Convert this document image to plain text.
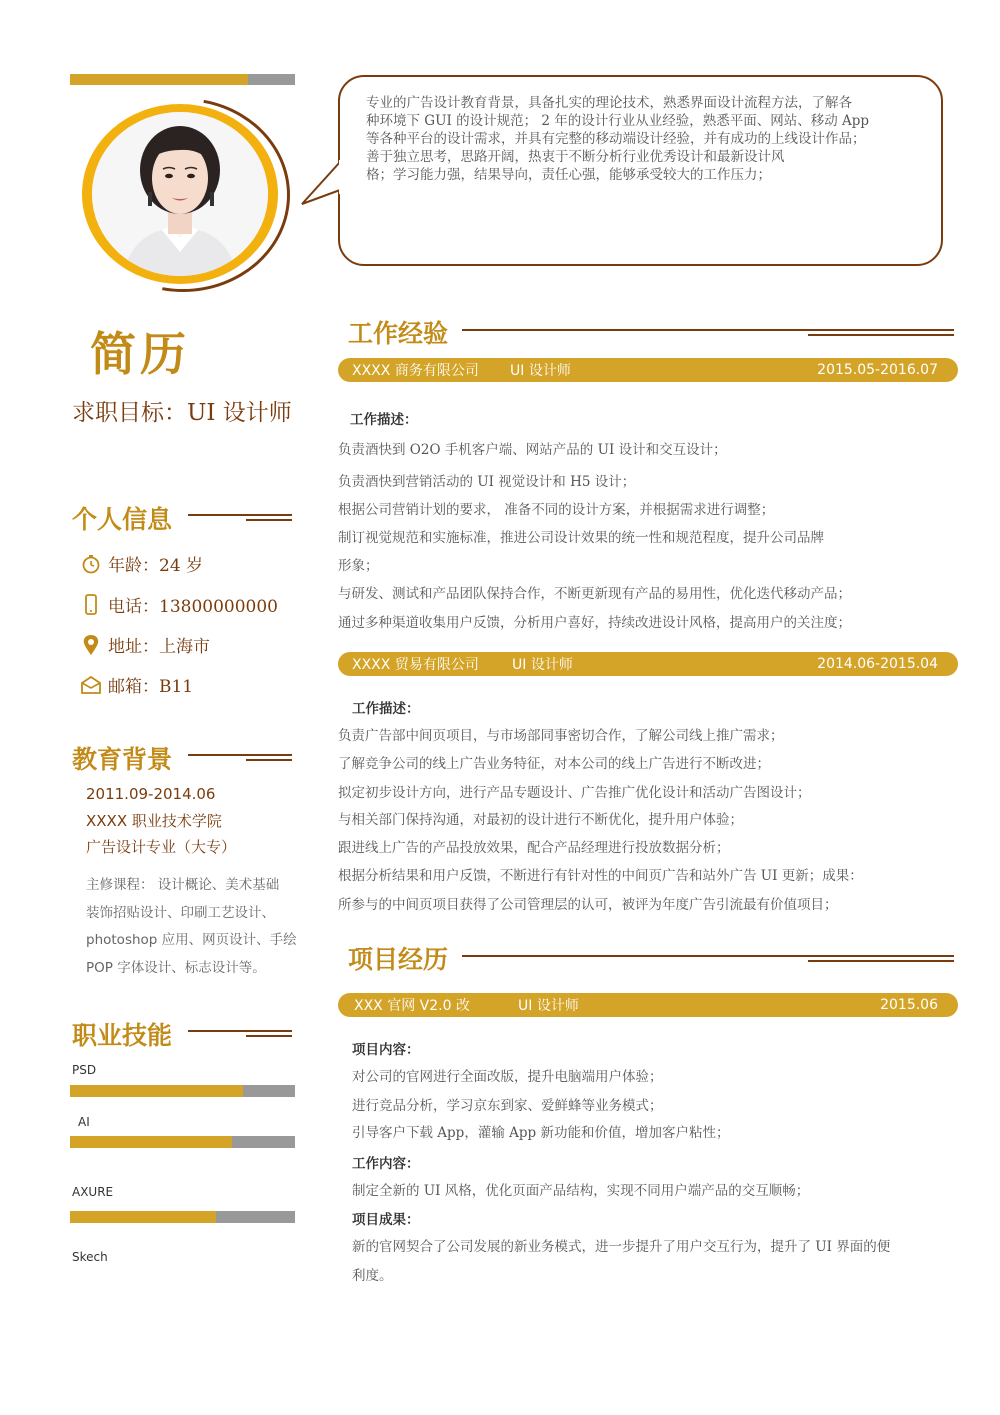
简历
求职目标：UI 设计师
个人信息
年龄：24 岁
电话：13800000000
地址：上海市
邮箱：B11
教育背景
2011.09-2014.06
XXXX 职业技术学院
广告设计专业（大专）
主修课程： 设计概论、美术基础
装饰招贴设计、印刷工艺设计、
photoshop 应用、网页设计、手绘
POP 字体设计、标志设计等。
职业技能
PSD
AI
AXURE
Skech
专业的广告设计教育背景，具备扎实的理论技术，熟悉界面设计流程方法，了解各
种环境下 GUI 的设计规范； 2 年的设计行业从业经验，熟悉平面、网站、移动 App
等各种平台的设计需求，并具有完整的移动端设计经验，并有成功的上线设计作品；
善于独立思考，思路开阔，热衷于不断分析行业优秀设计和最新设计风
格；学习能力强，结果导向，责任心强，能够承受较大的工作压力；
工作经验
XXXX 商务有限公司 UI 设计师	2015.05-2016.07
工作描述：
负责酒快到 O2O 手机客户端、网站产品的 UI 设计和交互设计；
负责酒快到营销活动的 UI 视觉设计和 H5 设计；
根据公司营销计划的要求， 准备不同的设计方案，并根据需求进行调整；
制订视觉规范和实施标准，推进公司设计效果的统一性和规范程度，提升公司品牌
形象；
与研发、测试和产品团队保持合作，不断更新现有产品的易用性，优化迭代移动产品；
通过多种渠道收集用户反馈，分析用户喜好，持续改进设计风格，提高用户的关注度；
XXXX 贸易有限公司 UI 设计师	2014.06-2015.04
工作描述：
负责广告部中间页项目，与市场部同事密切合作，了解公司线上推广需求；
了解竞争公司的线上广告业务特征，对本公司的线上广告进行不断改进；
拟定初步设计方向，进行产品专题设计、广告推广优化设计和活动广告图设计；
与相关部门保持沟通，对最初的设计进行不断优化，提升用户体验；
跟进线上广告的产品投放效果，配合产品经理进行投放数据分析；
根据分析结果和用户反馈，不断进行有针对性的中间页广告和站外广告 UI 更新；成果：
所参与的中间页项目获得了公司管理层的认可，被评为年度广告引流最有价值项目；
项目经历
XXX 官网 V2.0 改	UI 设计师	2015.06
项目内容：
对公司的官网进行全面改版，提升电脑端用户体验；
进行竞品分析，学习京东到家、爱鲜蜂等业务模式；
引导客户下载 App，灌输 App 新功能和价值，增加客户粘性；
工作内容：
制定全新的 UI 风格，优化页面产品结构，实现不同用户端产品的交互顺畅；
项目成果：
新的官网契合了公司发展的新业务模式，进一步提升了用户交互行为，提升了 UI 界面的便
利度。
